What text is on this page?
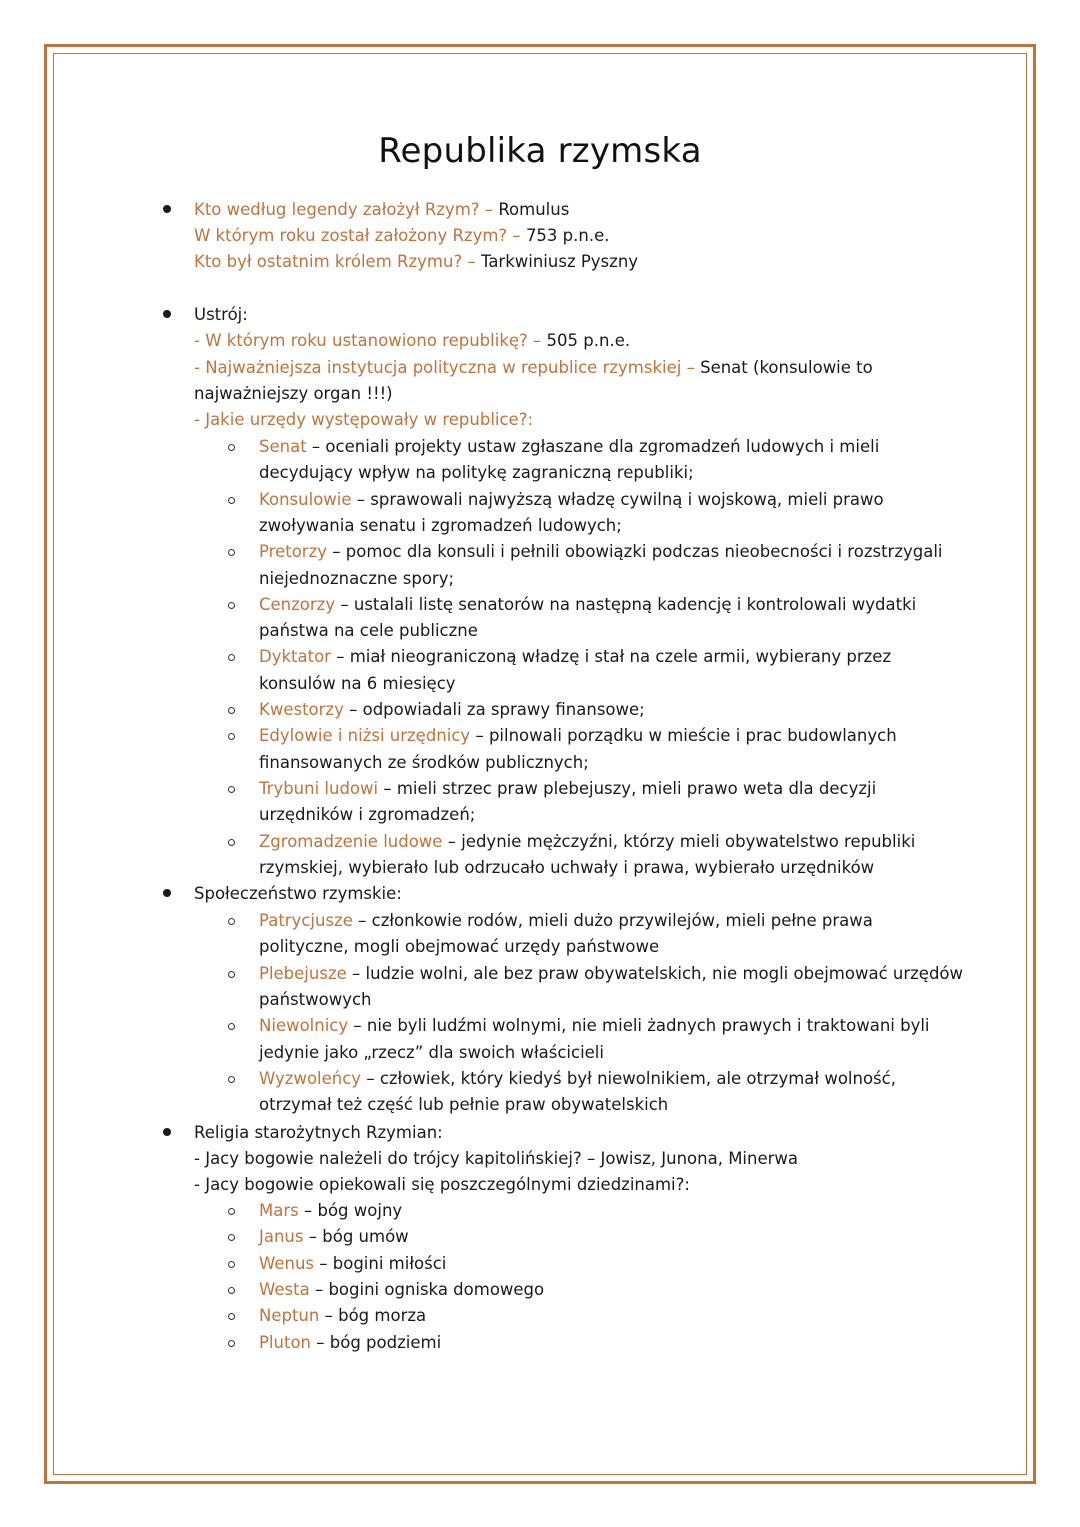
Republika rzymska
Kto według legendy założył Rzym? – Romulus
W którym roku został założony Rzym? – 753 p.n.e.
Kto był ostatnim królem Rzymu? – Tarkwiniusz Pyszny
Ustrój:
- W którym roku ustanowiono republikę? – 505 p.n.e.
- Najważniejsza instytucja polityczna w republice rzymskiej – Senat (konsulowie to
najważniejszy organ !!!)
- Jakie urzędy występowały w republice?:
Senat – oceniali projekty ustaw zgłaszane dla zgromadzeń ludowych i mieli
decydujący wpływ na politykę zagraniczną republiki;
Konsulowie – sprawowali najwyższą władzę cywilną i wojskową, mieli prawo
zwoływania senatu i zgromadzeń ludowych;
Pretorzy – pomoc dla konsuli i pełnili obowiązki podczas nieobecności i rozstrzygali
niejednoznaczne spory;
Cenzorzy – ustalali listę senatorów na następną kadencję i kontrolowali wydatki
państwa na cele publiczne
Dyktator – miał nieograniczoną władzę i stał na czele armii, wybierany przez
konsulów na 6 miesięcy
Kwestorzy – odpowiadali za sprawy finansowe;
Edylowie i niżsi urzędnicy – pilnowali porządku w mieście i prac budowlanych
finansowanych ze środków publicznych;
Trybuni ludowi – mieli strzec praw plebejuszy, mieli prawo weta dla decyzji
urzędników i zgromadzeń;
Zgromadzenie ludowe – jedynie mężczyźni, którzy mieli obywatelstwo republiki
rzymskiej, wybierało lub odrzucało uchwały i prawa, wybierało urzędników
Społeczeństwo rzymskie:
Patrycjusze – członkowie rodów, mieli dużo przywilejów, mieli pełne prawa
polityczne, mogli obejmować urzędy państwowe
Plebejusze – ludzie wolni, ale bez praw obywatelskich, nie mogli obejmować urzędów
państwowych
Niewolnicy – nie byli ludźmi wolnymi, nie mieli żadnych prawych i traktowani byli
jedynie jako „rzecz” dla swoich właścicieli
Wyzwoleńcy – człowiek, który kiedyś był niewolnikiem, ale otrzymał wolność,
otrzymał też część lub pełnie praw obywatelskich
Religia starożytnych Rzymian:
- Jacy bogowie należeli do trójcy kapitolińskiej? – Jowisz, Junona, Minerwa
- Jacy bogowie opiekowali się poszczególnymi dziedzinami?:
Mars – bóg wojny
Janus – bóg umów
Wenus – bogini miłości
Westa – bogini ogniska domowego
Neptun – bóg morza
Pluton – bóg podziemi
